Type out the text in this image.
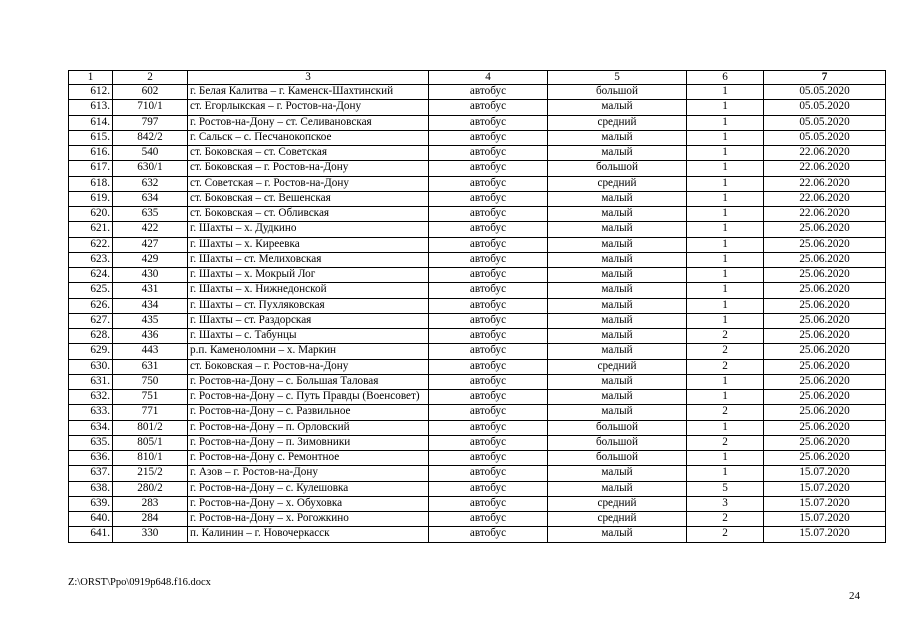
1	2	3	4	5	6	7
612.	602	г. Белая Калитва – г. Каменск-Шахтинский	автобус	большой	1	05.05.2020
613.	710/1	ст. Егорлыкская – г. Ростов-на-Дону	автобус	малый	1	05.05.2020
614.	797	г. Ростов-на-Дону – ст. Селивановская	автобус	средний	1	05.05.2020
615.	842/2	г. Сальск – с. Песчанокопское	автобус	малый	1	05.05.2020
616.	540	ст. Боковская – ст. Советская	автобус	малый	1	22.06.2020
617.	630/1	ст. Боковская – г. Ростов-на-Дону	автобус	большой	1	22.06.2020
618.	632	ст. Советская – г. Ростов-на-Дону	автобус	средний	1	22.06.2020
619.	634	ст. Боковская – ст. Вешенская	автобус	малый	1	22.06.2020
620.	635	ст. Боковская – ст. Обливская	автобус	малый	1	22.06.2020
621.	422	г. Шахты – х. Дудкино	автобус	малый	1	25.06.2020
622.	427	г. Шахты – х. Киреевка	автобус	малый	1	25.06.2020
623.	429	г. Шахты – ст. Мелиховская	автобус	малый	1	25.06.2020
624.	430	г. Шахты – х. Мокрый Лог	автобус	малый	1	25.06.2020
625.	431	г. Шахты – х. Нижнедонской	автобус	малый	1	25.06.2020
626.	434	г. Шахты – ст. Пухляковская	автобус	малый	1	25.06.2020
627.	435	г. Шахты – ст. Раздорская	автобус	малый	1	25.06.2020
628.	436	г. Шахты – с. Табунцы	автобус	малый	2	25.06.2020
629.	443	р.п. Каменоломни – х. Маркин	автобус	малый	2	25.06.2020
630.	631	ст. Боковская – г. Ростов-на-Дону	автобус	средний	2	25.06.2020
631.	750	г. Ростов-на-Дону – с. Большая Таловая	автобус	малый	1	25.06.2020
632.	751	г. Ростов-на-Дону – с. Путь Правды (Военсовет)	автобус	малый	1	25.06.2020
633.	771	г. Ростов-на-Дону – с. Развильное	автобус	малый	2	25.06.2020
634.	801/2	г. Ростов-на-Дону – п. Орловский	автобус	большой	1	25.06.2020
635.	805/1	г. Ростов-на-Дону – п. Зимовники	автобус	большой	2	25.06.2020
636.	810/1	г. Ростов-на-Дону с. Ремонтное	автобус	большой	1	25.06.2020
637.	215/2	г. Азов – г. Ростов-на-Дону	автобус	малый	1	15.07.2020
638.	280/2	г. Ростов-на-Дону – с. Кулешовка	автобус	малый	5	15.07.2020
639.	283	г. Ростов-на-Дону – х. Обуховка	автобус	средний	3	15.07.2020
640.	284	г. Ростов-на-Дону – х. Рогожкино	автобус	средний	2	15.07.2020
641.	330	п. Калинин – г. Новочеркасск	автобус	малый	2	15.07.2020
Z:\ORST\Ppo\0919p648.f16.docx
24
